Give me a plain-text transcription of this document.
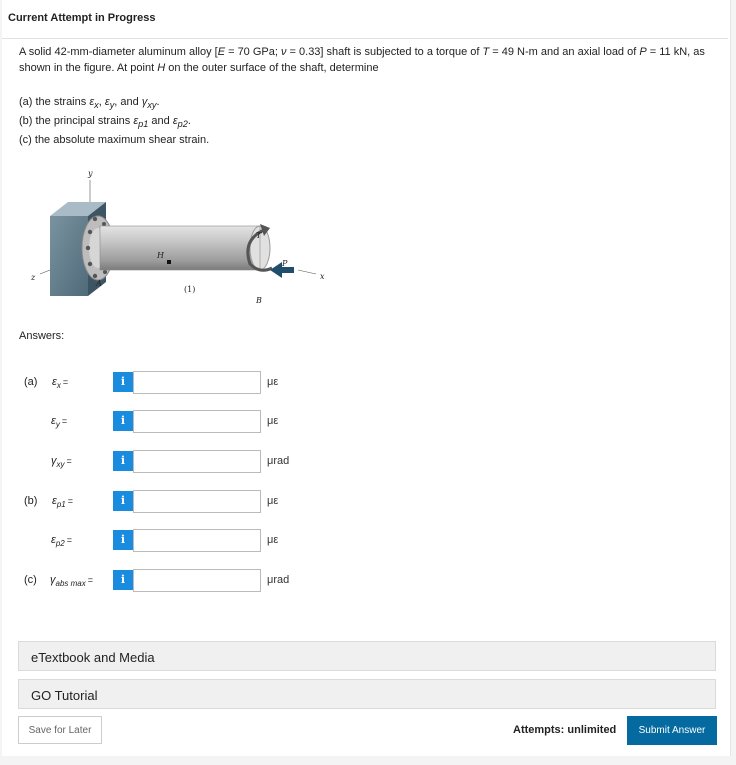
Current Attempt in Progress
A solid 42-mm-diameter aluminum alloy [E = 70 GPa; ν = 0.33] shaft is subjected to a torque of T = 49 N-m and an axial load of P = 11 kN, as shown in the figure. At point H on the outer surface of the shaft, determine
(a) the strains $\varepsilon_x$, $\varepsilon_y$, and $\gamma_{xy}$.
(b) the principal strains $\varepsilon_{p1}$ and $\varepsilon_{p2}$.
(c) the absolute maximum shear strain.
y
z
A
H
(1)
T
P
B
x
Answers:
(a) $\varepsilon_x$ =	i	με
$\varepsilon_y$ =	i	με
$\gamma_{xy}$ =	i	μrad
(b) $\varepsilon_{p1}$ =	i	με
$\varepsilon_{p2}$ =	i	με
(c) $\gamma_{abs max}$ =	i	μrad
eTextbook and Media
GO Tutorial
Save for Later	Attempts: unlimited	Submit Answer
